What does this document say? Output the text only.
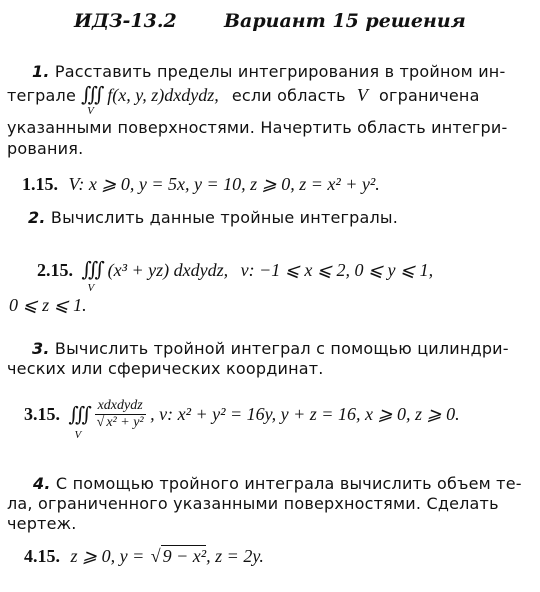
ИДЗ-13.2 Вариант 15 решения
1. Расставить пределы интегрирования в тройном ин-
теграле ∭
V
f(x, y, z)dxdydz, если область V ограничена
указанными поверхностями. Начертить область интегри-
рования.
1.15. V: x ⩾ 0, y = 5x, y = 10, z ⩾ 0, z = x² + y².
2. Вычислить данные тройные интегралы.
2.15. ∭
V
(x³ + yz) dxdydz, v: −1 ⩽ x ⩽ 2, 0 ⩽ y ⩽ 1,
0 ⩽ z ⩽ 1.
3. Вычислить тройной интеграл с помощью цилиндри-
ческих или сферических координат.
3.15. ∭
V
$\frac{\text{xdxdydz}}{\text{√ x² + y²}}$ , v: x² + y² = 16y, y + z = 16, x ⩾ 0, z ⩾ 0.
4. С помощью тройного интеграла вычислить объем те-
ла, ограниченного указанными поверхностями. Сделать
чертеж.
4.15. z ⩾ 0, y = √ 9 − x², z = 2y.
